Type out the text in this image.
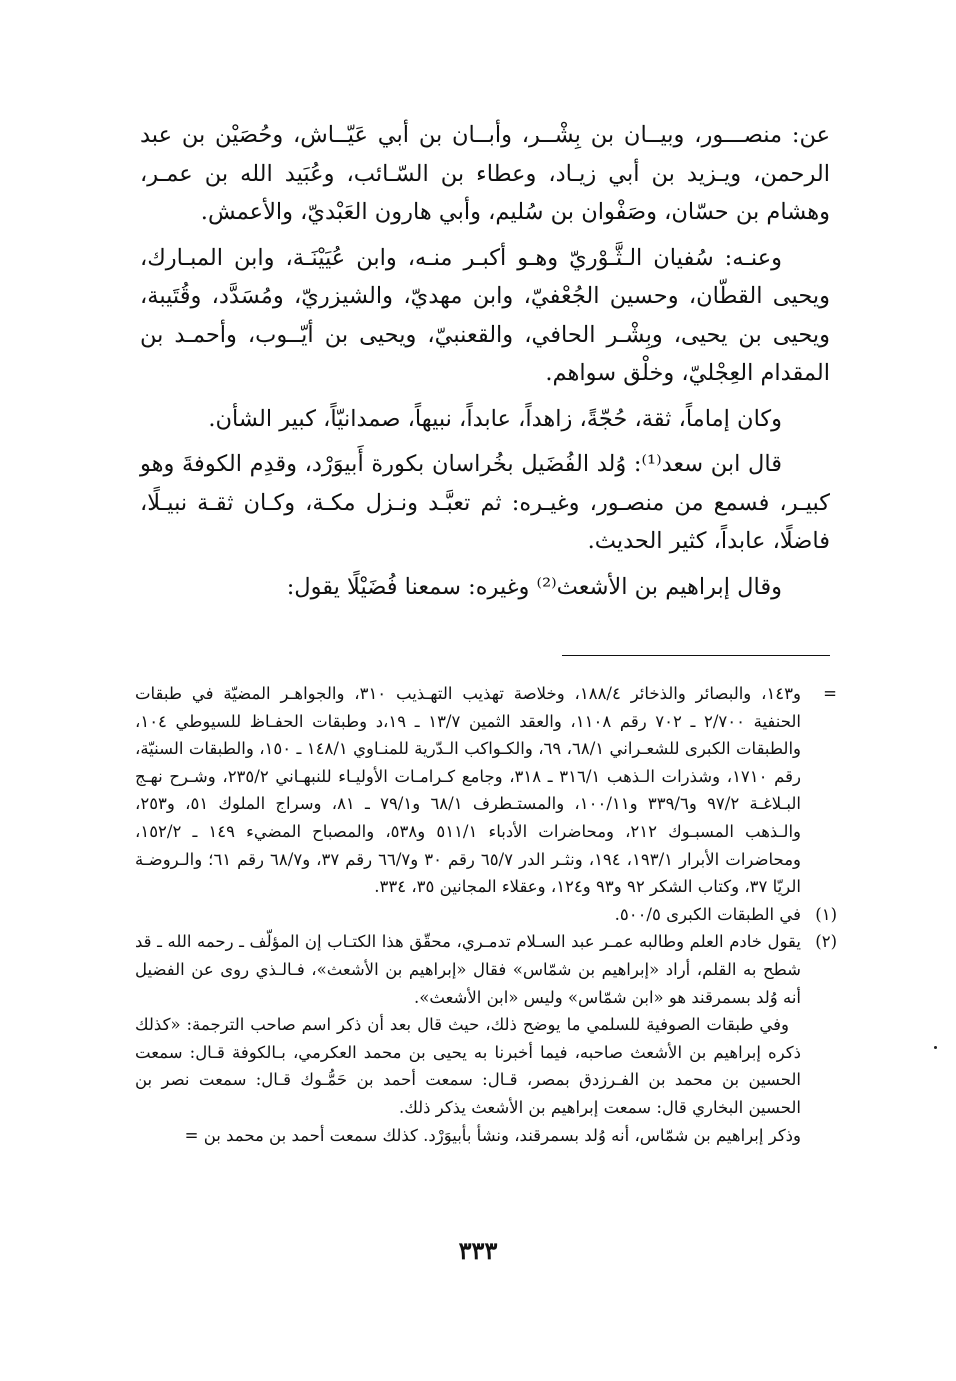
عن: منصـــور، وبيــان بن بِشْــر، وأبــان بن أبي عَيّــاش، وحُصَيْن بن عبد الرحمن، ويـزيد بن أبي زيـاد، وعطاء بن السّـائب، وعُبَيد الله بن عمـر، وهشام بن حسّان، وصَفْوان بن سُليم، وأبي هارون العَبْديّ، والأعمش.

وعنـه: سُفيان الـثَّـوْريّ وهـو أكبـر منـه، وابن عُيَيْنَـة، وابن المبـارك، ويحيى القطّان، وحسين الجُعْفيّ، وابن مهديّ، والشيزريّ، ومُسَدَّد، وقُتَيبة، ويحيى بن يحيى، وبِشْـر الحافي، والقعنبيّ، ويحيى بن أيّــوب، وأحمـد بن المقدام العِجْليّ، وخلْق سواهم.

وكان إماماً، ثقة، حُجّةً، زاهداً، عابداً، نبيهاً، صمدانيّاً، كبير الشأن.

قال ابن سعد⁽¹⁾: وُلد الفُضَيل بخُراسان بكورة أَبيوَرْد، وقدِم الكوفةَ وهو كبيـر، فسمع من منصـور، وغيـره: ثم تعبَّـد ونـزل مكـة، وكـان ثقـة نبيـلًا، فاضلًا، عابداً، كثير الحديث.

وقال إبراهيم بن الأشعث⁽²⁾ وغيره: سمعنا فُضَيْلًا يقول:

=

و١٤٣، والبصائر والذخائر ١٨٨/٤، وخلاصة تهذيب التهـذيب ٣١٠، والجواهـر المضيّة في طبقات الحنفية ٢/٧٠٠ ـ ٧٠٢ رقم ١١٠٨، والعقد الثمين ١٣/٧ ـ ١٩،د وطبقات الحفـاظ للسيوطي ١٠٤، والطبقات الكبرى للشعـراني ٦٨/١، ٦٩، والكـواكب الـدّرية للمنـاوي ١٤٨/١ ـ ١٥٠، والطبقات السنيّة، رقم ١٧١٠، وشذرات الـذهب ٣١٦/١ ـ ٣١٨، وجامع كـرامـات الأوليـاء للنبهـاني ٢٣٥/٢، وشـرح نهـج البـلاغـة ٩٧/٢ و٣٣٩/٦ و١٠٠/١١، والمستـطرف ٦٨/١ و٧٩/١ ـ ٨١، وسراج الملوك ٥١، و٢٥٣، والـذهب المسبـوك ٢١٢، ومحاضرات الأدباء ٥١١/١ و٥٣٨، والمصباح المضيء ١٤٩ ـ ١٥٢/٢، ومحاضرات الأبرار ١٩٣/١، ١٩٤، ونثـر الدر ٦٥/٧ رقم ٣٠ و٦٦/٧ رقم ٣٧، و٦٨/٧ رقم ٦١؛ والـروضـة الريّا ٣٧، وكتاب الشكر ٩٢ و٩٣ و١٢٤، وعقلاء المجانين ٣٥، ٣٣٤.

(١)

في الطبقات الكبرى ٥٠٠/٥.

(٢)

يقول خادم العلم وطالبه عمـر عبد السـلام تدمـري، محقّق هذا الكتـاب إن المؤلّف ـ رحمه الله ـ قد شطح به القلم، أراد «إبراهيم بن شمّاس» فقال «إبراهيم بن الأشعث»، فـالـذي روى عن الفضيل أنه وُلد بسمرقند هو «ابن شمّاس» وليس «ابن الأشعث».

وفي طبقات الصوفية للسلمي ما يوضح ذلك، حيث قال بعد أن ذكر اسم صاحب الترجمة: «كذلك ذكره إبراهيم بن الأشعث صاحبه، فيما أخبرنا به يحيى بن محمد العكرمي، بـالكوفة قـال: سمعت الحسين بن محمد بن الفـرزدق بمصر، قـال: سمعت أحمد بن حَمُّـوك قـال: سمعت نصر بن الحسين البخاري قال: سمعت إبراهيم بن الأشعث يذكر ذلك.

وذكر إبراهيم بن شمّاس، أنه وُلد بسمرقند، ونشأ بأبيوَرْد. كذلك سمعت أحمد بن محمد بن =

٣٣٣
